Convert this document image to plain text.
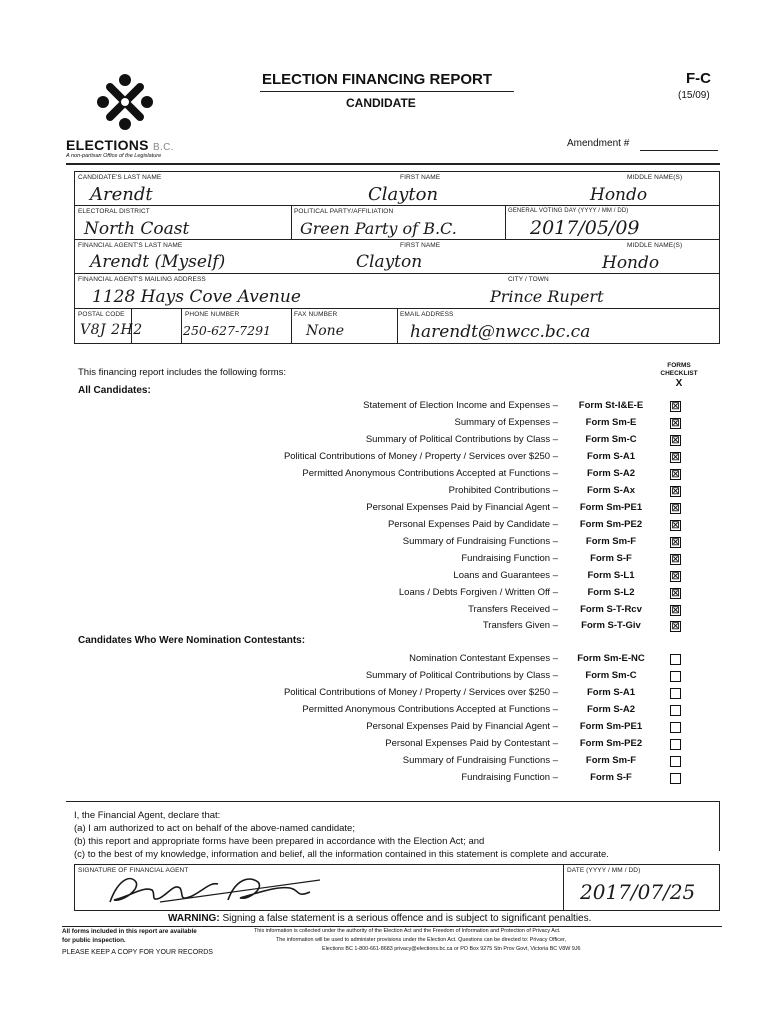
ELECTIONS B.C.
A non-partisan Office of the Legislature
ELECTION FINANCING REPORT
CANDIDATE
F-C
(15/09)
Amendment #
CANDIDATE'S LAST NAME
Arendt
FIRST NAME
Clayton
MIDDLE NAME(S)
Hondo
ELECTORAL DISTRICT
North Coast
POLITICAL PARTY/AFFILIATION
Green Party of B.C.
GENERAL VOTING DAY (YYYY / MM / DD)
2017/05/09
FINANCIAL AGENT'S LAST NAME
Arendt (Myself)
FIRST NAME
Clayton
MIDDLE NAME(S)
Hondo
FINANCIAL AGENT'S MAILING ADDRESS
1128 Hays Cove Avenue
CITY / TOWN
Prince Rupert
POSTAL CODE
V8J 2H2
PHONE NUMBER
250-627-7291
FAX NUMBER
None
EMAIL ADDRESS
harendt@nwcc.bc.ca
This financing report includes the following forms:
FORMS
CHECKLIST
X
All Candidates:
Statement of Election Income and Expenses –	Form St-I&E-E	☒
Summary of Expenses –	Form Sm-E	☒
Summary of Political Contributions by Class –	Form Sm-C	☒
Political Contributions of Money / Property / Services over $250 –	Form S-A1	☒
Permitted Anonymous Contributions Accepted at Functions –	Form S-A2	☒
Prohibited Contributions –	Form S-Ax	☒
Personal Expenses Paid by Financial Agent –	Form Sm-PE1	☒
Personal Expenses Paid by Candidate –	Form Sm-PE2	☒
Summary of Fundraising Functions –	Form Sm-F	☒
Fundraising Function –	Form S-F	☒
Loans and Guarantees –	Form S-L1	☒
Loans / Debts Forgiven / Written Off –	Form S-L2	☒
Transfers Received –	Form S-T-Rcv	☒
Transfers Given –	Form S-T-Giv	☒
Candidates Who Were Nomination Contestants:
Nomination Contestant Expenses –	Form Sm-E-NC
Summary of Political Contributions by Class –	Form Sm-C
Political Contributions of Money / Property / Services over $250 –	Form S-A1
Permitted Anonymous Contributions Accepted at Functions –	Form S-A2
Personal Expenses Paid by Financial Agent –	Form Sm-PE1
Personal Expenses Paid by Contestant –	Form Sm-PE2
Summary of Fundraising Functions –	Form Sm-F
Fundraising Function –	Form S-F
I, the Financial Agent, declare that:
(a) I am authorized to act on behalf of the above-named candidate;
(b) this report and appropriate forms have been prepared in accordance with the Election Act; and
(c) to the best of my knowledge, information and belief, all the information contained in this statement is complete and accurate.
SIGNATURE OF FINANCIAL AGENT	DATE (YYYY / MM / DD)
2017/07/25
WARNING: Signing a false statement is a serious offence and is subject to significant penalties.
All forms included in this report are available
for public inspection.
PLEASE KEEP A COPY FOR YOUR RECORDS
This information is collected under the authority of the Election Act and the Freedom of Information and Protection of Privacy Act.
The information will be used to administer provisions under the Election Act. Questions can be directed to: Privacy Officer,
Elections BC 1-800-661-8683 privacy@elections.bc.ca or PO Box 9275 Stn Prov Govt, Victoria BC V8W 9J6
